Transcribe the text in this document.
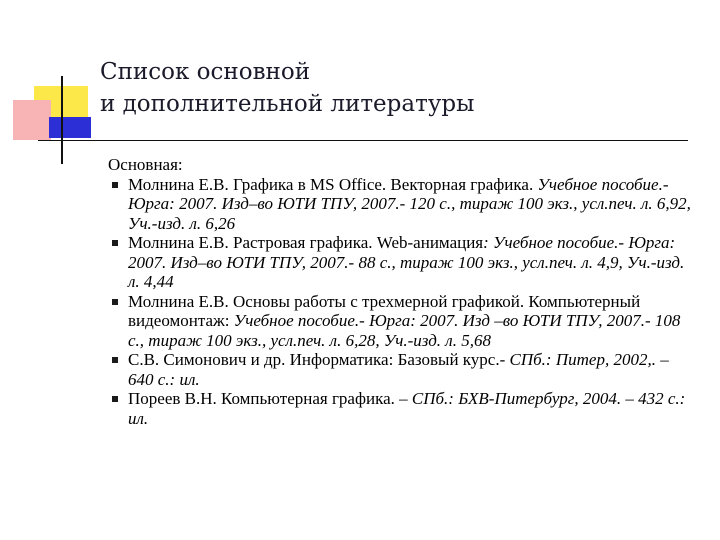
Список основной
и дополнительной литературы
Основная:
Молнина Е.В. Графика в MS Office. Векторная графика. Учебное пособие.- Юрга: 2007. Изд–во ЮТИ ТПУ, 2007.- 120 с., тираж 100 экз., усл.печ. л. 6,92, Уч.-изд. л. 6,26
Молнина Е.В. Растровая графика. Web-анимация: Учебное пособие.- Юрга: 2007. Изд–во ЮТИ ТПУ, 2007.- 88 с., тираж 100 экз., усл.печ. л. 4,9, Уч.-изд. л. 4,44
Молнина Е.В. Основы работы с трехмерной графикой. Компьютерный видеомонтаж: Учебное пособие.- Юрга: 2007. Изд –во ЮТИ ТПУ, 2007.- 108 с., тираж 100 экз., усл.печ. л. 6,28, Уч.-изд. л. 5,68
С.В. Симонович и др. Информатика: Базовый курс.- СПб.: Питер, 2002,. – 640 с.: ил.
Пореев В.Н. Компьютерная графика. – СПб.: БХВ-Питербург, 2004. – 432 с.: ил.
